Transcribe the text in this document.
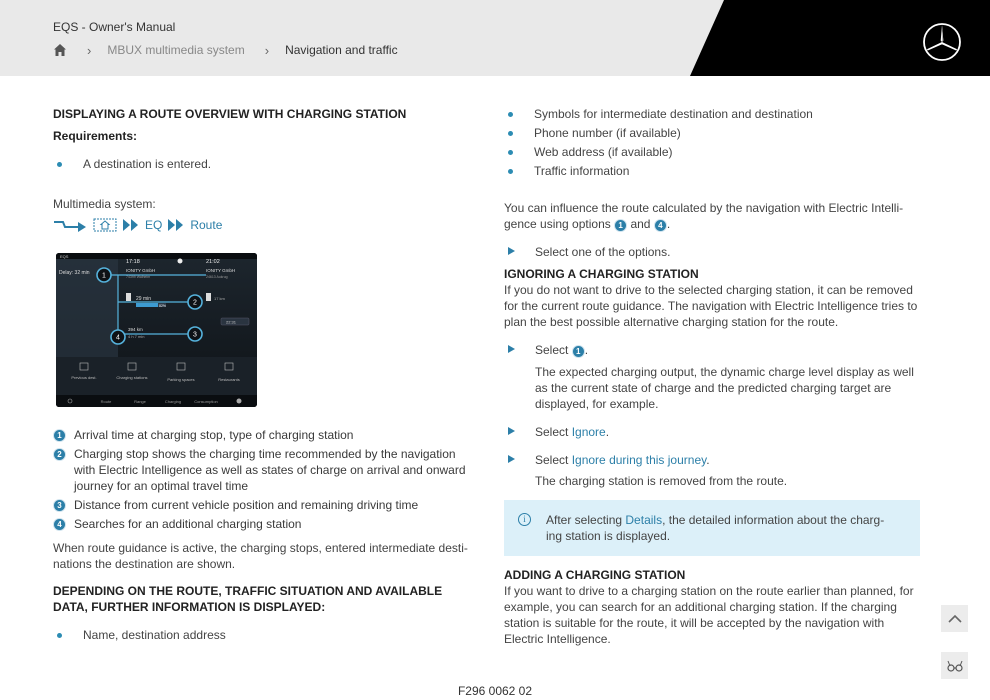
EQS - Owner's Manual
› MBUX multimedia system › Navigation and traffic
DISPLAYING A ROUTE OVERVIEW WITH CHARGING STATION
Requirements:
A destination is entered.
Multimedia system:
EQ Route
EQS
Delay: 32 min
17:18	21:02
IONITY GmbH
74399 Walheim
IONITY GmbH
24613 Aukrug
29 min
82%
17 km
394 km
4 h 7 min
22:31
1
2
3
4
Previous dest.	Charging stations	Parking spaces	Restaurants
Route	Range	Charging	Consumption
1	Arrival time at charging stop, type of charging station
2	Charging stop shows the charging time recommended by the navigation with Electric Intelligence as well as states of charge on arrival and onward journey for an optimal travel time
3	Distance from current vehicle position and remaining driving time
4	Searches for an additional charging station
When route guidance is active, the charging stops, entered intermediate desti-nations the destination are shown.
DEPENDING ON THE ROUTE, TRAFFIC SITUATION AND AVAILABLE DATA, FURTHER INFORMATION IS DISPLAYED:
Name, destination address
Symbols for intermediate destination and destination
Phone number (if available)
Web address (if available)
Traffic information
You can influence the route calculated by the navigation with Electric Intelli-gence using options 1 and 4 .
Select one of the options.
IGNORING A CHARGING STATION
If you do not want to drive to the selected charging station, it can be removed for the current route guidance. The navigation with Electric Intelligence tries to plan the best possible alternative charging station for the route.
Select 1 .
The expected charging output, the dynamic charge level display as well as the current state of charge and the predicted charging target are displayed, for example.
Select Ignore.
Select Ignore during this journey.
The charging station is removed from the route.
i	After selecting Details, the detailed information about the charg-ing station is displayed.
ADDING A CHARGING STATION
If you want to drive to a charging station on the route earlier than planned, for example, you can search for an additional charging station. If the charging station is suitable for the route, it will be accepted by the navigation with Electric Intelligence.
F296 0062 02
